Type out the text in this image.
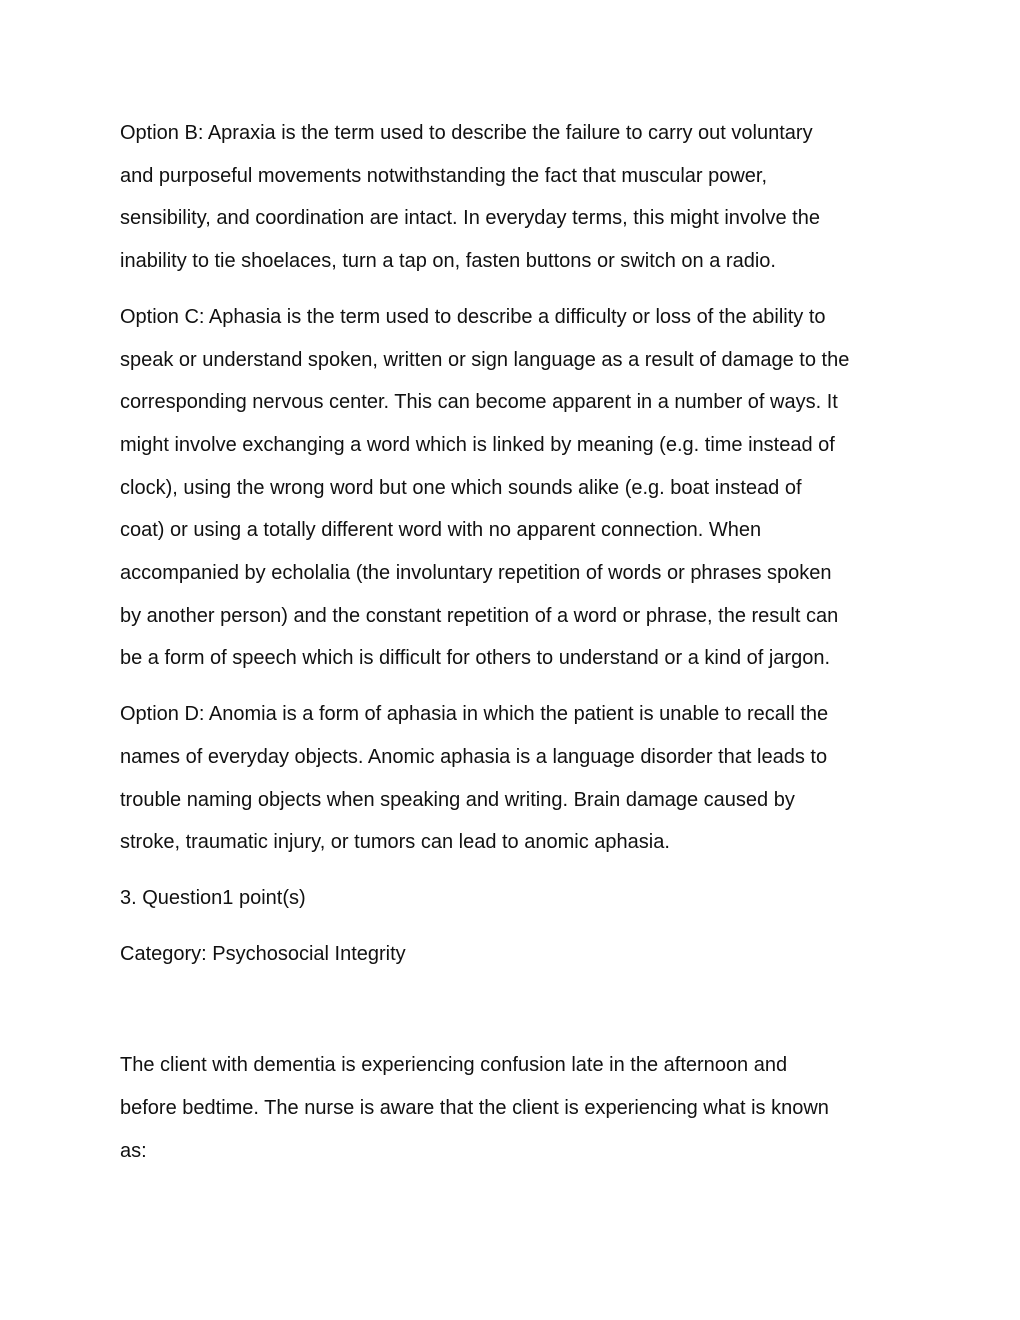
Option B: Apraxia is the term used to describe the failure to carry out voluntary
and purposeful movements notwithstanding the fact that muscular power,
sensibility, and coordination are intact. In everyday terms, this might involve the
inability to tie shoelaces, turn a tap on, fasten buttons or switch on a radio.

Option C: Aphasia is the term used to describe a difficulty or loss of the ability to
speak or understand spoken, written or sign language as a result of damage to the
corresponding nervous center. This can become apparent in a number of ways. It
might involve exchanging a word which is linked by meaning (e.g. time instead of
clock), using the wrong word but one which sounds alike (e.g. boat instead of
coat) or using a totally different word with no apparent connection. When
accompanied by echolalia (the involuntary repetition of words or phrases spoken
by another person) and the constant repetition of a word or phrase, the result can
be a form of speech which is difficult for others to understand or a kind of jargon.

Option D: Anomia is a form of aphasia in which the patient is unable to recall the
names of everyday objects. Anomic aphasia is a language disorder that leads to
trouble naming objects when speaking and writing. Brain damage caused by
stroke, traumatic injury, or tumors can lead to anomic aphasia.

3. Question1 point(s)

Category: Psychosocial Integrity

The client with dementia is experiencing confusion late in the afternoon and
before bedtime. The nurse is aware that the client is experiencing what is known
as:
